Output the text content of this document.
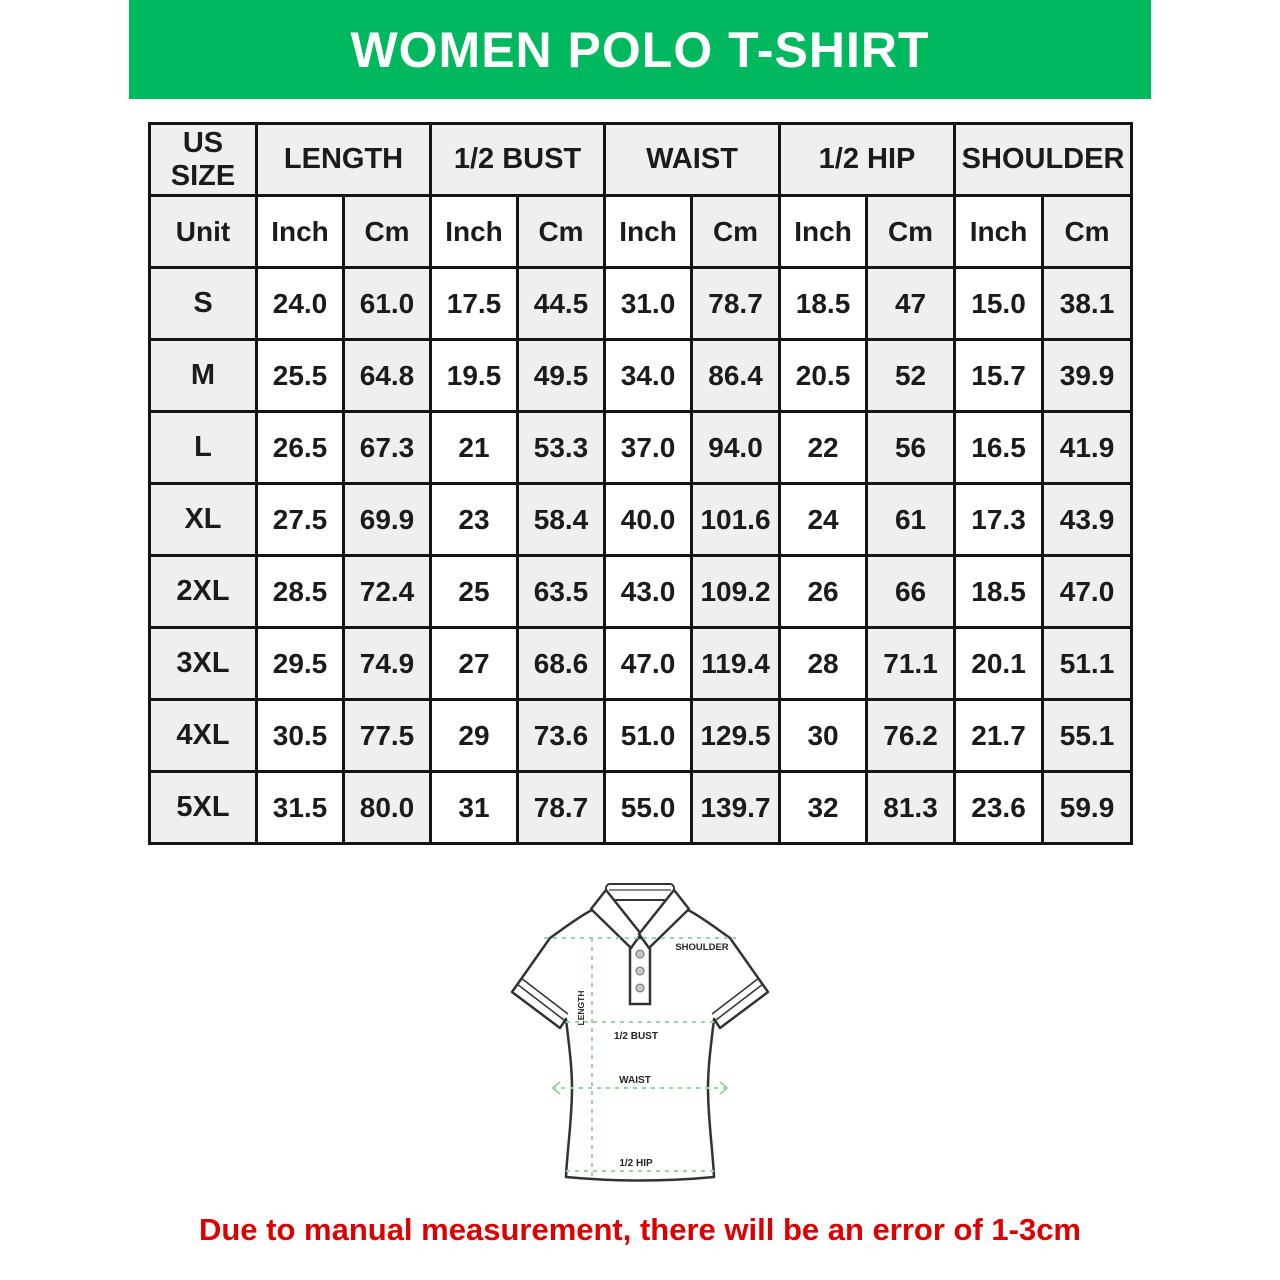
WOMEN POLO T-SHIRT
US SIZE	LENGTH		1/2 BUST		WAIST		1/2 HIP		SHOULDER	
Unit	Inch	Cm	Inch	Cm	Inch	Cm	Inch	Cm	Inch	Cm
S	24.0	61.0	17.5	44.5	31.0	78.7	18.5	47	15.0	38.1
M	25.5	64.8	19.5	49.5	34.0	86.4	20.5	52	15.7	39.9
L	26.5	67.3	21	53.3	37.0	94.0	22	56	16.5	41.9
XL	27.5	69.9	23	58.4	40.0	101.6	24	61	17.3	43.9
2XL	28.5	72.4	25	63.5	43.0	109.2	26	66	18.5	47.0
3XL	29.5	74.9	27	68.6	47.0	119.4	28	71.1	20.1	51.1
4XL	30.5	77.5	29	73.6	51.0	129.5	30	76.2	21.7	55.1
5XL	31.5	80.0	31	78.7	55.0	139.7	32	81.3	23.6	59.9
SHOULDER
LENGTH
1/2 BUST
WAIST
1/2 HIP
Due to manual measurement, there will be an error of 1-3cm
